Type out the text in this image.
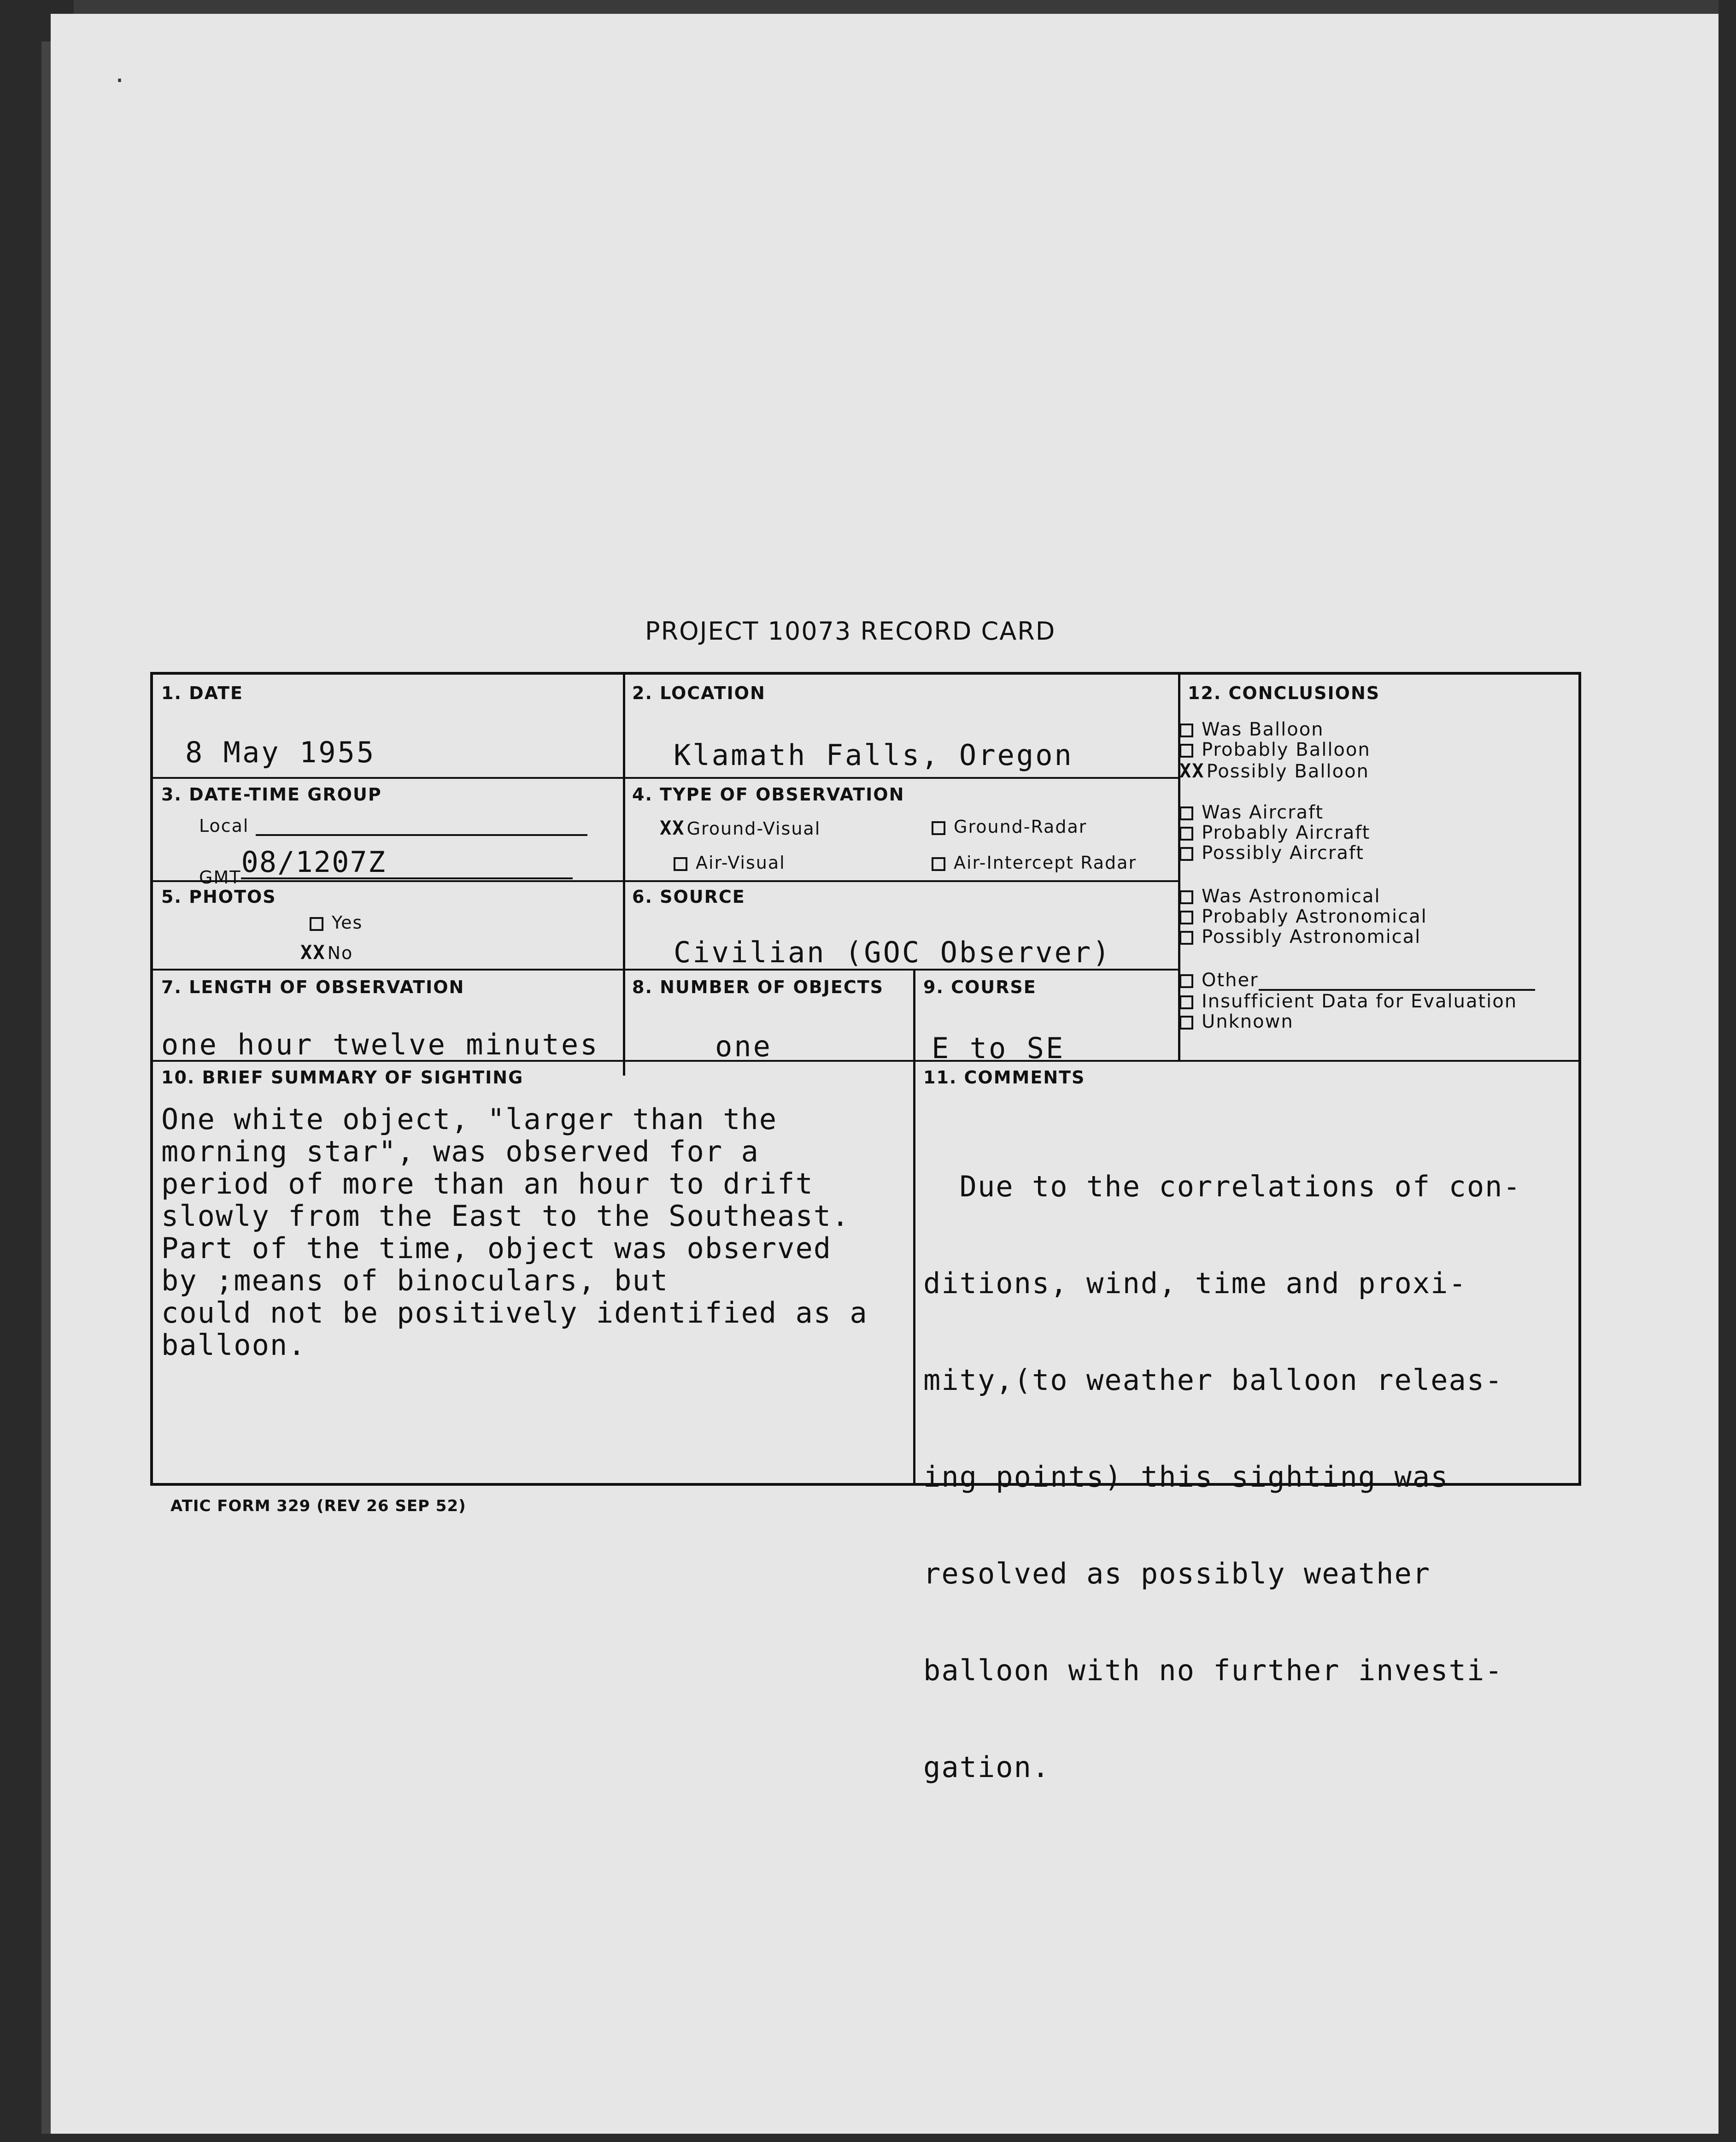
·
PROJECT 10073 RECORD CARD
1. DATE
8 May 1955
2. LOCATION
Klamath Falls, Oregon
3. DATE-TIME GROUP
Local
GMT08/1207Z
4. TYPE OF OBSERVATION
XX Ground-Visual	Ground-Radar
Air-Visual	Air-Intercept Radar
5. PHOTOS
Yes
XX No
6. SOURCE
Civilian (GOC Observer)
7. LENGTH OF OBSERVATION
one hour twelve minutes
8. NUMBER OF OBJECTS
one
9. COURSE
E to SE
12. CONCLUSIONS
10. BRIEF SUMMARY OF SIGHTING
One white object, "larger than the
morning star", was observed for a
period of more than an hour to drift
slowly from the East to the Southeast.
Part of the time, object was observed
by ;means of binoculars, but
could not be positively identified as a
balloon.
11. COMMENTS

Due to the correlations of con-

ditions, wind, time and proxi-

mity,(to weather balloon releas-

ing points) this sighting was

resolved as possibly weather

balloon with no further investi-

gation.

Was Balloon
Probably Balloon
XX Possibly Balloon
Was Aircraft
Probably Aircraft
Possibly Aircraft
Was Astronomical
Probably Astronomical
Possibly Astronomical
Other
Insufficient Data for Evaluation
Unknown
ATIC FORM 329 (REV 26 SEP 52)
